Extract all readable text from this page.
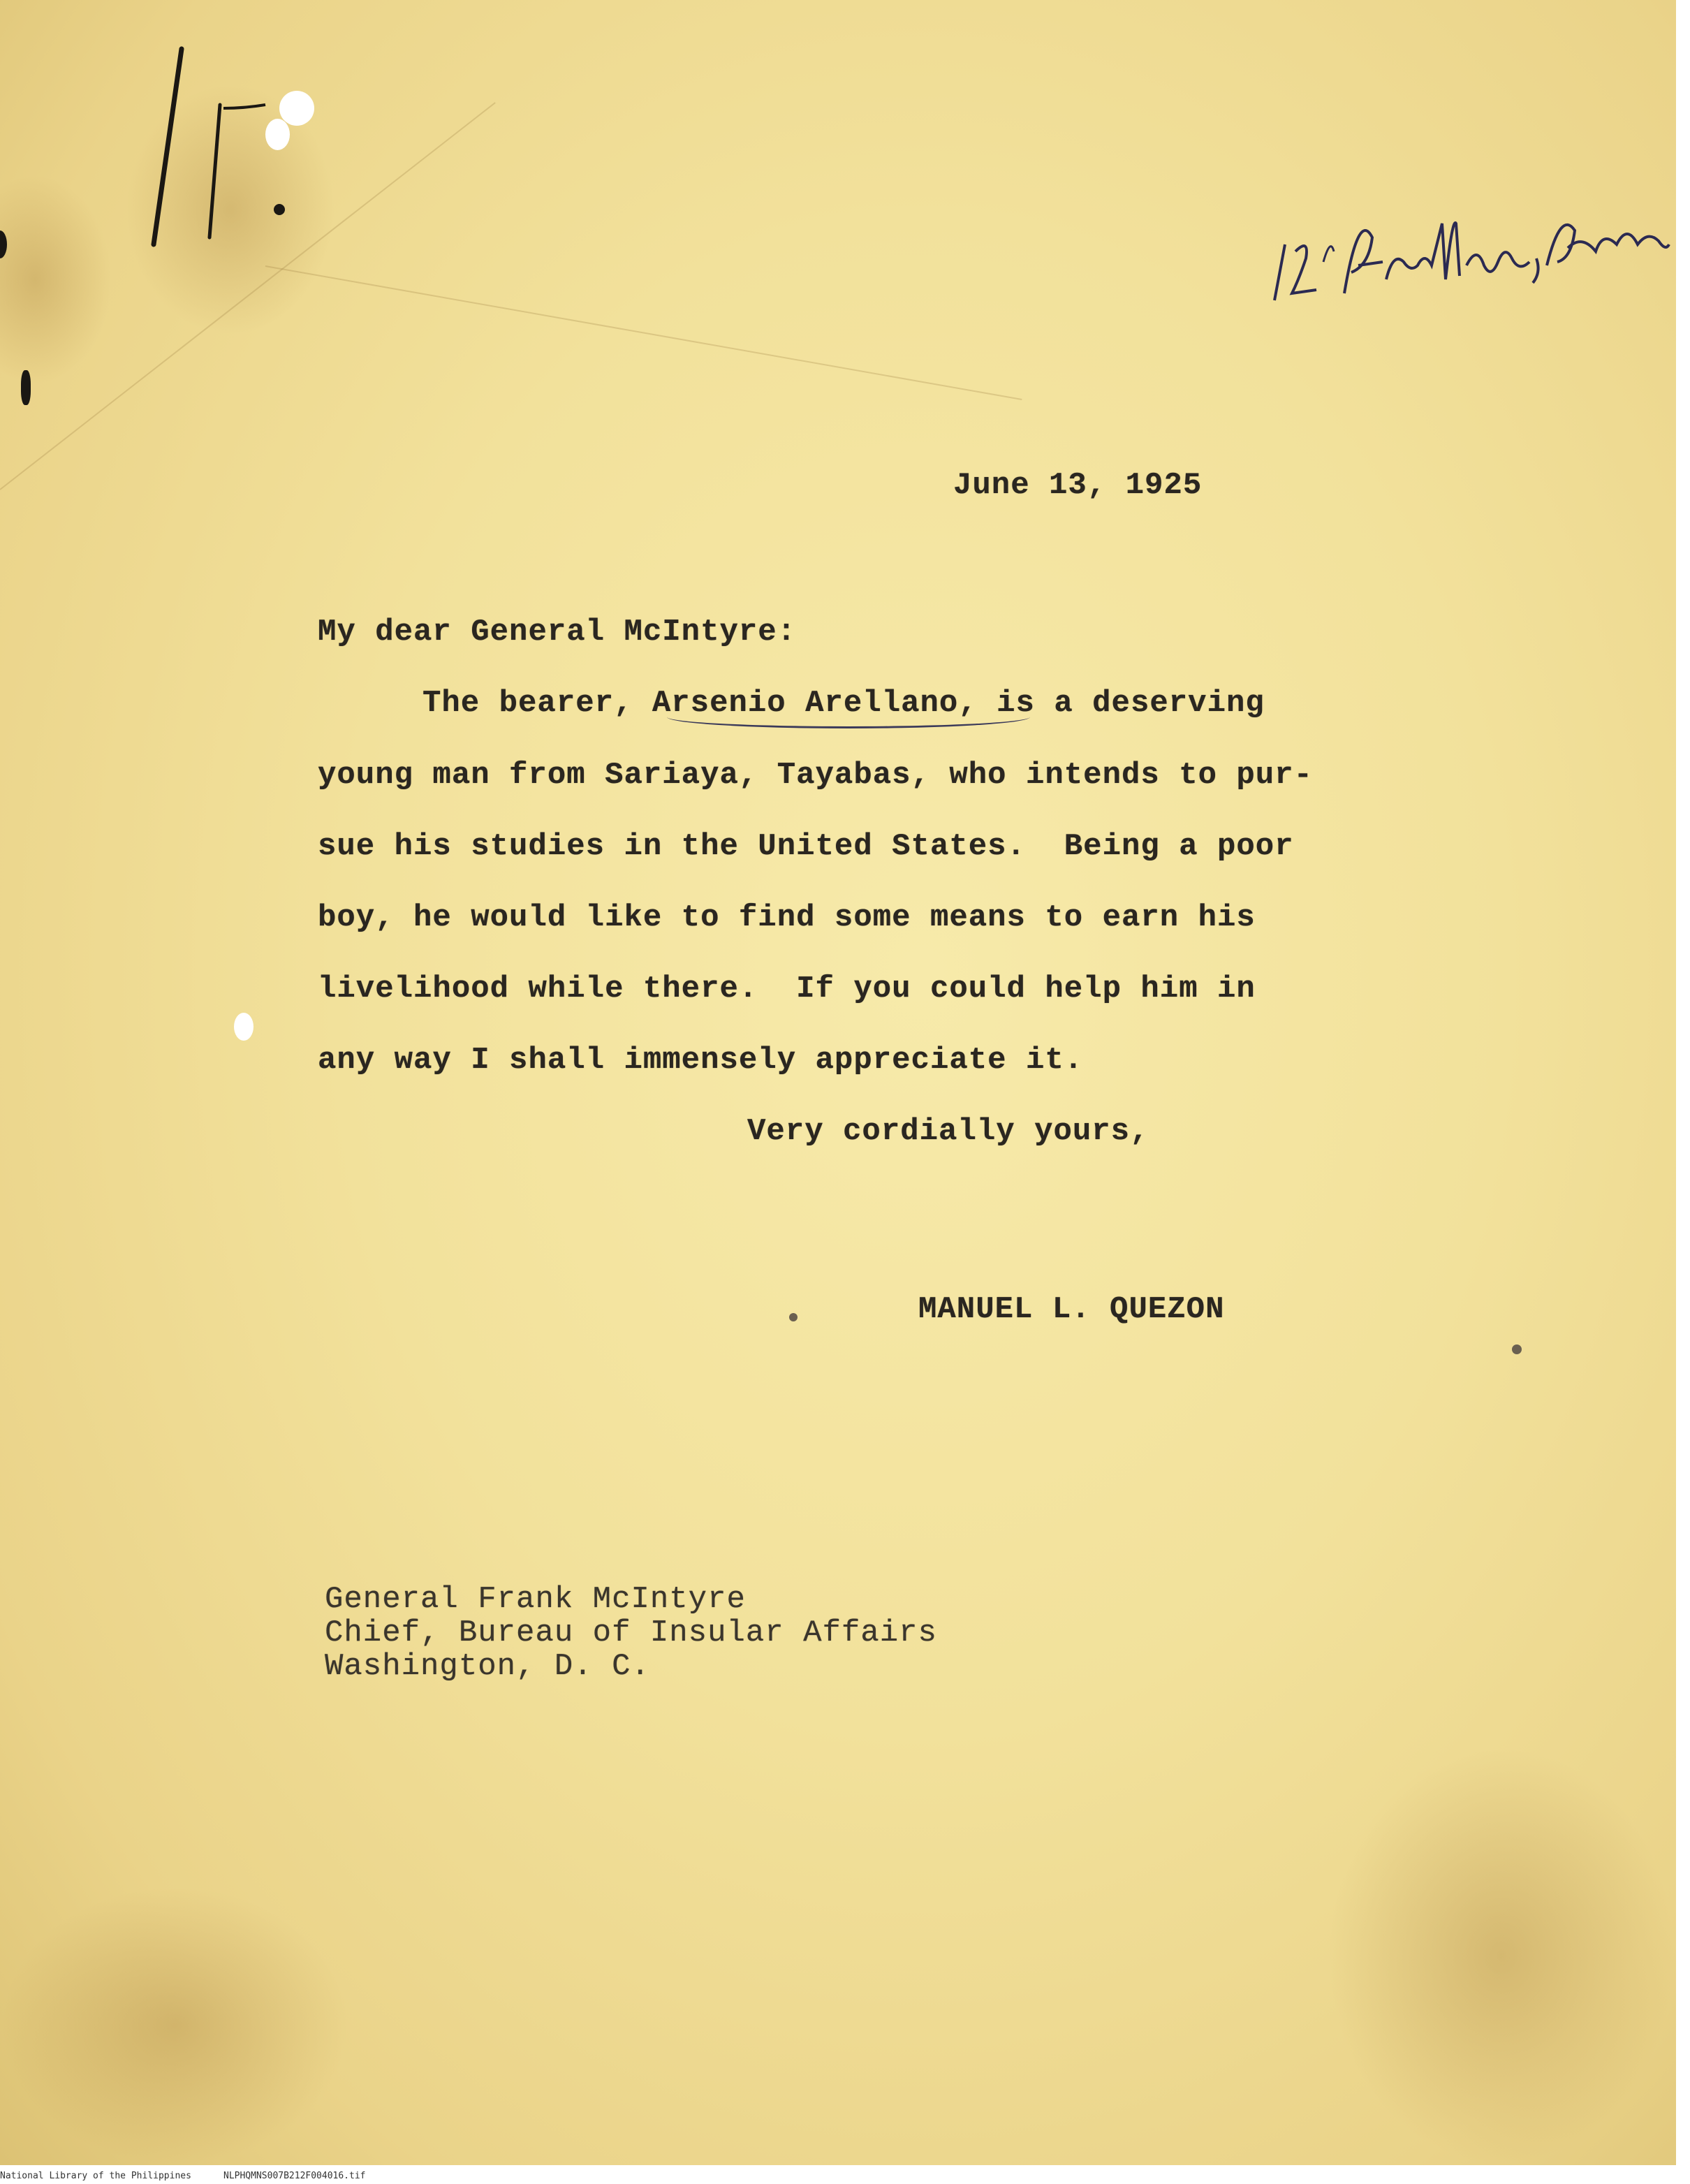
June 13, 1925
My dear General McIntyre:
The bearer, Arsenio Arellano, is a deserving
young man from Sariaya, Tayabas, who intends to pur-
sue his studies in the United States.  Being a poor
boy, he would like to find some means to earn his
livelihood while there.  If you could help him in
any way I shall immensely appreciate it.
Very cordially yours,
MANUEL L. QUEZON
General Frank McIntyre
Chief, Bureau of Insular Affairs
Washington, D. C.
National Library of the Philippines	NLPHQMNS007B212F004016.tif
